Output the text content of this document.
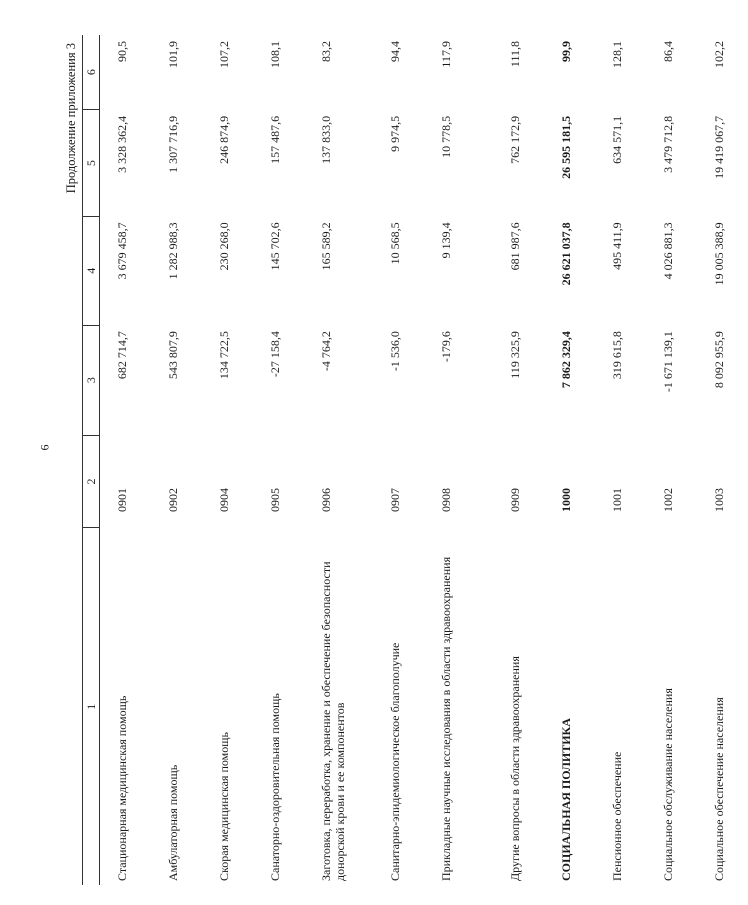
6
Продолжение приложения 3
1	2	3	4	5	6
Стационарная медицинская помощь	0901	682 714,7	3 679 458,7	3 328 362,4	90,5
Амбулаторная помощь	0902	543 807,9	1 282 988,3	1 307 716,9	101,9
Скорая медицинская помощь	0904	134 722,5	230 268,0	246 874,9	107,2
Санаторно-оздоровительная помощь	0905	-27 158,4	145 702,6	157 487,6	108,1
Заготовка, переработка, хранение и обеспечение безопасности донорской крови и ее компонентов	0906	-4 764,2	165 589,2	137 833,0	83,2
Санитарно-эпидемиологическое благополучие	0907	-1 536,0	10 568,5	9 974,5	94,4
Прикладные научные исследования в области здравоохранения	0908	-179,6	9 139,4	10 778,5	117,9
Другие вопросы в области здравоохранения	0909	119 325,9	681 987,6	762 172,9	111,8
СОЦИАЛЬНАЯ ПОЛИТИКА	1000	7 862 329,4	26 621 037,8	26 595 181,5	99,9
Пенсионное обеспечение	1001	319 615,8	495 411,9	634 571,1	128,1
Социальное обслуживание населения	1002	-1 671 139,1	4 026 881,3	3 479 712,8	86,4
Социальное обеспечение населения	1003	8 092 955,9	19 005 388,9	19 419 067,7	102,2
